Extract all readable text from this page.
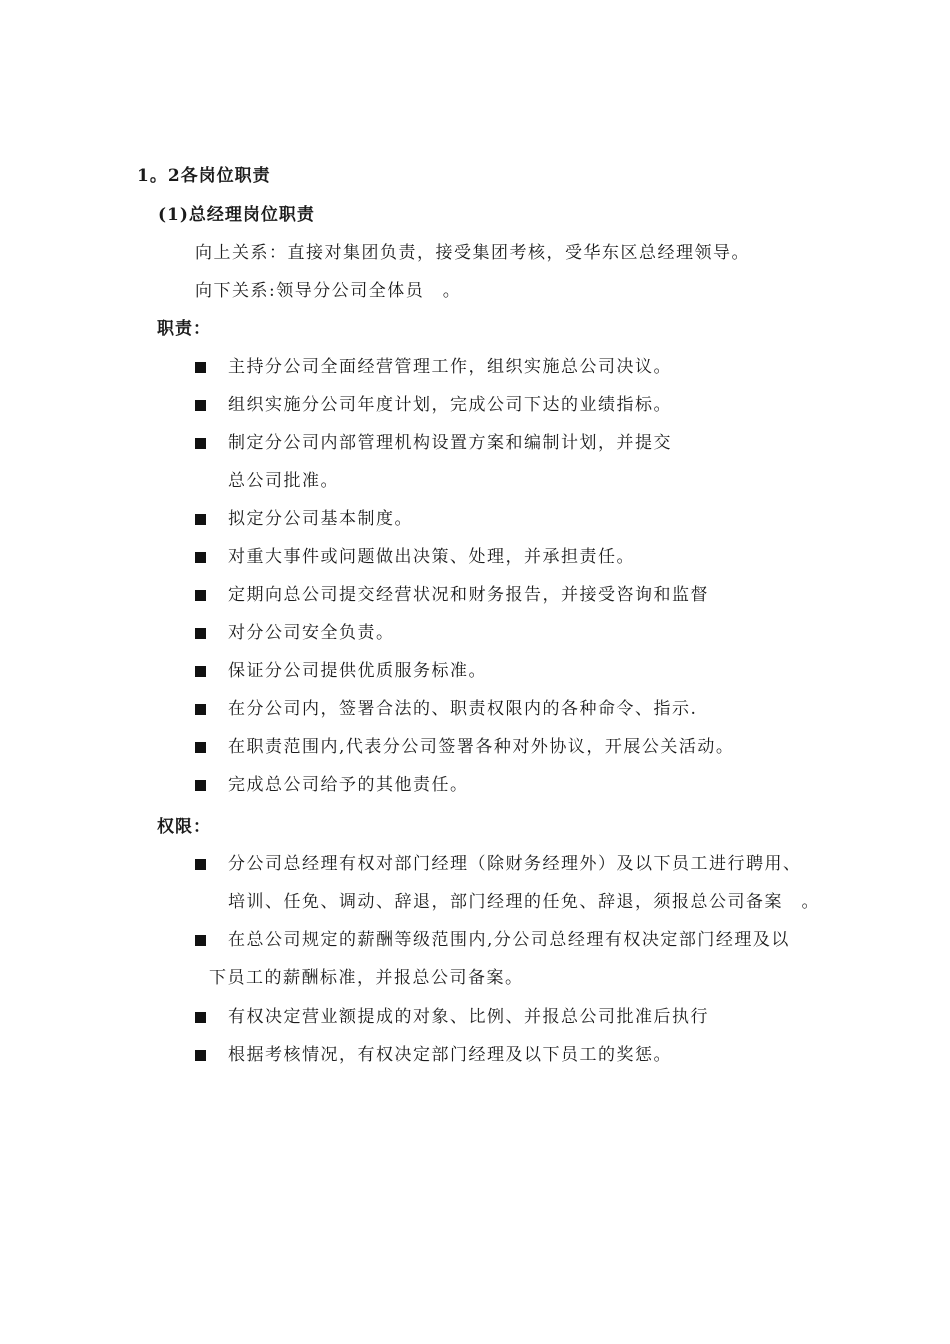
1。2各岗位职责
(1)总经理岗位职责
向上关系：直接对集团负责，接受集团考核，受华东区总经理领导。
向下关系:领导分公司全体员　。
职责：
主持分公司全面经营管理工作，组织实施总公司决议。
组织实施分公司年度计划，完成公司下达的业绩指标。
制定分公司内部管理机构设置方案和编制计划，并提交
总公司批准。
拟定分公司基本制度。
对重大事件或问题做出决策、处理，并承担责任。
定期向总公司提交经营状况和财务报告，并接受咨询和监督
对分公司安全负责。
保证分公司提供优质服务标准。
在分公司内，签署合法的、职责权限内的各种命令、指示.
在职责范围内,代表分公司签署各种对外协议，开展公关活动。
完成总公司给予的其他责任。
权限：
分公司总经理有权对部门经理（除财务经理外）及以下员工进行聘用、
培训、任免、调动、辞退，部门经理的任免、辞退，须报总公司备案　。
在总公司规定的薪酬等级范围内,分公司总经理有权决定部门经理及以
下员工的薪酬标准，并报总公司备案。
有权决定营业额提成的对象、比例、并报总公司批准后执行
根据考核情况，有权决定部门经理及以下员工的奖惩。
